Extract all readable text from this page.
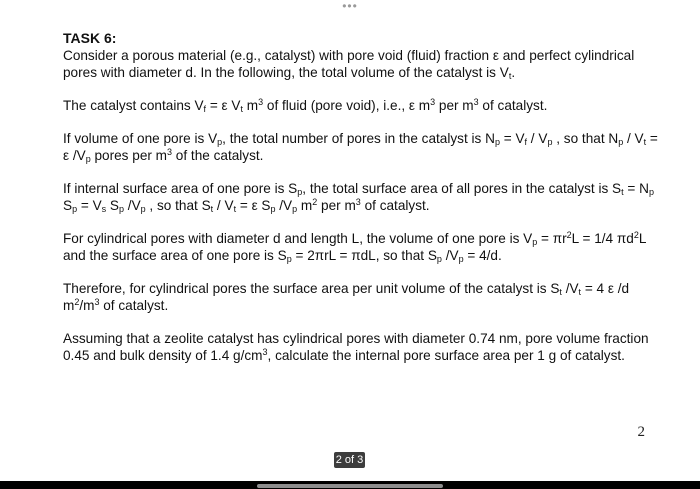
•••

TASK 6:

Consider a porous material (e.g., catalyst) with pore void (fluid) fraction ε and perfect cylindrical pores with diameter d. In the following, the total volume of the catalyst is $V_t$.

The catalyst contains $V_f = \varepsilon$ $V_t$ $m^3$ of fluid (pore void), i.e., ε $m^3$ per $m^3$ of catalyst.

If volume of one pore is $V_p$, the total number of pores in the catalyst is $N_p = V_f / V_p$ , so that $N_p / V_t = \varepsilon$ $/V_p$ pores per $m^3$ of the catalyst.

If internal surface area of one pore is $S_p$, the total surface area of all pores in the catalyst is $S_t = N_p$ $S_p = V_s$ $S_p$ $/V_p$ , so that $S_t / V_t = \varepsilon$ $S_p$ $/V_p$ $m^2$ per $m^3$ of catalyst.

For cylindrical pores with diameter d and length L, the volume of one pore is $V_p = \pi r^2L = 1/4$ $\pi d^2L$ and the surface area of one pore is $S_p = 2\pi rL = \pi dL$, so that $S_p$ $/V_p = 4/d$.

Therefore, for cylindrical pores the surface area per unit volume of the catalyst is $S_t$ $/V_t = 4$ ε /d $m^2/m^3$ of catalyst.

Assuming that a zeolite catalyst has cylindrical pores with diameter 0.74 nm, pore volume fraction 0.45 and bulk density of 1.4 $g/cm^3$, calculate the internal pore surface area per 1 g of catalyst.

2
2 of 3
